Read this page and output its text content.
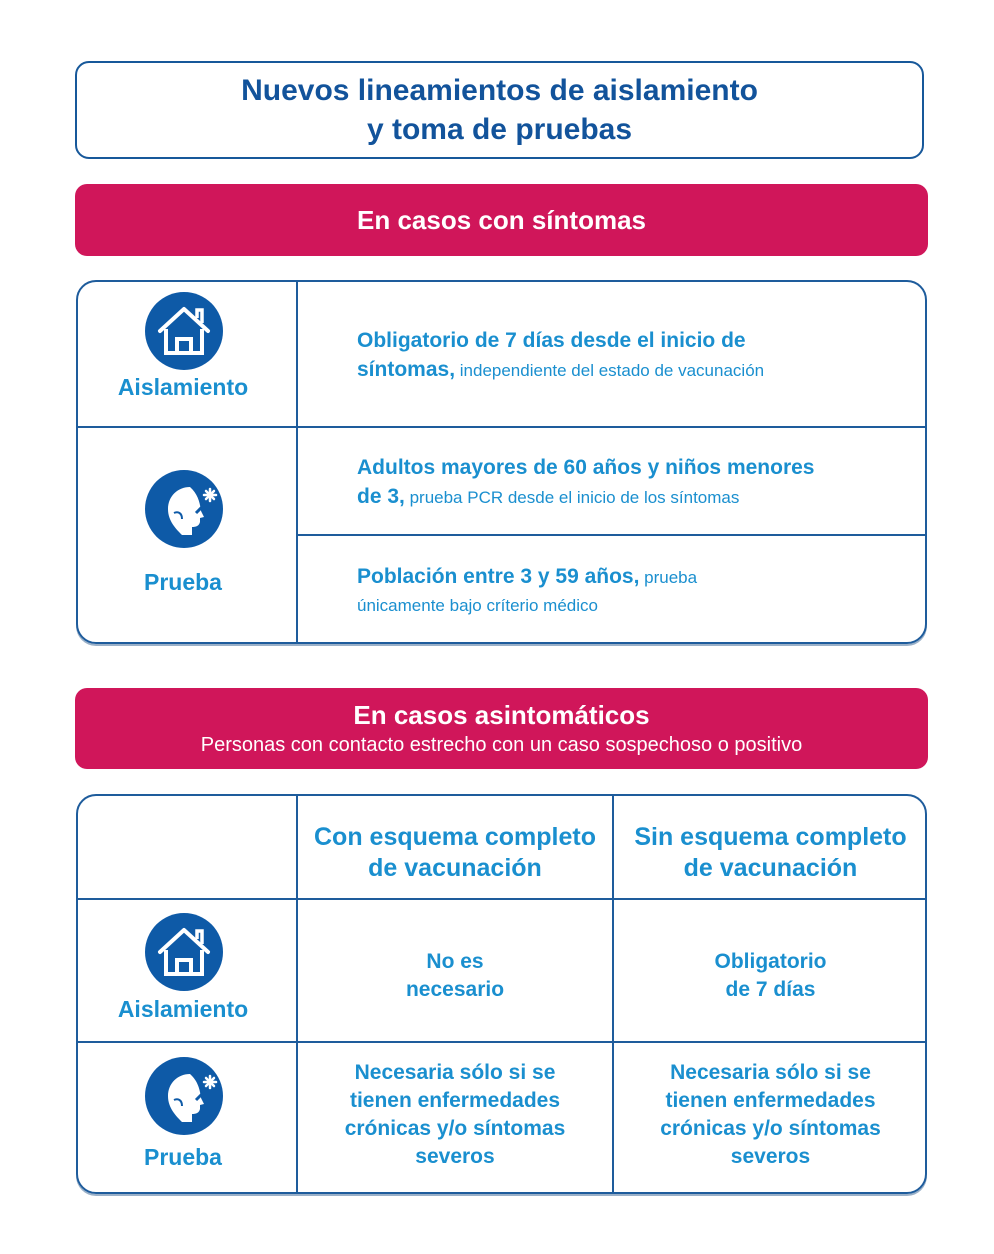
Nuevos lineamientos de aislamiento
y toma de pruebas
En casos con síntomas
Aislamiento
Obligatorio de 7 días desde el inicio de
síntomas, independiente del estado de vacunación
Prueba
Adultos mayores de 60 años y niños menores
de 3, prueba PCR desde el inicio de los síntomas
Población entre 3 y 59 años, prueba
únicamente bajo críterio médico
En casos asintomáticos
Personas con contacto estrecho con un caso sospechoso o positivo
Con esquema completo
de vacunación
Sin esquema completo
de vacunación
Aislamiento
No es
necesario
Obligatorio
de 7 días
Prueba
Necesaria sólo si se
tienen enfermedades
crónicas y/o síntomas
severos
Necesaria sólo si se
tienen enfermedades
crónicas y/o síntomas
severos
